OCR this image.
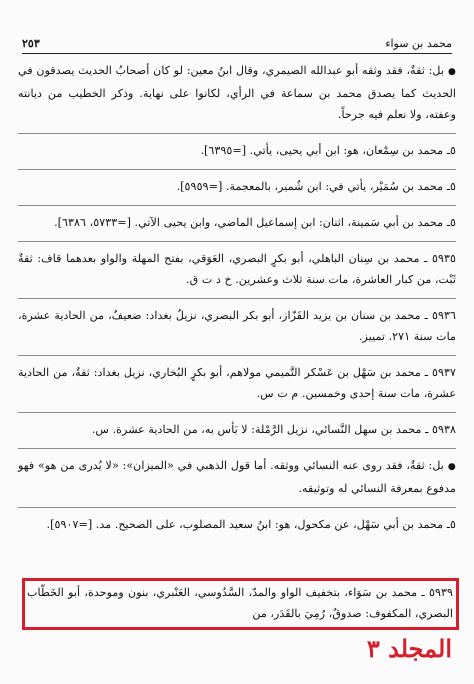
محمد بن سواء
٢٥٣

● بل: ثقةٌ، فقد وثقه أبو عبدالله الصيمري، وقال ابنُ معين: لو كان أصحابُ الحديث يصدقون في الحديث كما يصدق محمد بن سماعة في الرأي، لكانوا على نهاية. وذكر الخطيب من ديانته وعفته، ولا نعلم فيه جرحاً.

٥ـ محمد بن سِمْعان، هو: ابن أبي يحيى، يأتي. [=٦٣٩٥].

٥ـ محمد بن سُمَيْر، يأتي في: ابن شُمير، بالمعجمة. [=٥٩٥٩].

٥ـ محمد بن أبي سَمينة، اثنان: ابن إسماعيل الماضي، وابن يحيى الآتي. [=٥٧٣٣، ٦٣٨٦].

٥٩٣٥ ـ محمد بن سِنان الباهلي، أبو بكرٍ البصري، العَوَقي، بفتح المهلة والواو بعدهما قاف: ثقةٌ ثَبْت، من كبار العاشرة، مات سنة ثلاث وعشرين. خ د ت ق.

٥٩٣٦ ـ محمد بن سنان بن يزيد القَزّاز، أبو بكر البصري، نزيلُ بغداد: ضعيفٌ، من الحادية عشرة، مات سنة ٢٧١. تمييز.

٥٩٣٧ ـ محمد بن سَهْل بن عَسْكر التَّميمي مولاهم، أبو بكرٍ البُخاري، نزيل بغداد: ثقةٌ، من الحادية عشرة، مات سنة إحدى وخمسين. م ت س.

٥٩٣٨ ـ محمد بن سهل النَّسائي، نزيل الرَّمْلة: لا بَأس به، من الحادية عشرة. س.

● بل: ثقةٌ، فقد روى عنه النسائي ووثقه. أما قول الذهبي في «الميزان»: «لا يُدرى من هو» فهو مدفوع بمعرفة النسائي له وتوثيقه.

٥ـ محمد بن أبي سَهْل، عن مكحول، هو: ابنُ سعيد المصلوب، على الصحيح. مد. [=٥٩٠٧].

٥٩٣٩ ـ محمد بن سَوَاء، بتخفيف الواو والمدّ، السَّدُوسي، العَنْبري، بنون وموحدة، أبو الخَطّاب البصري، المكفوف: صدوقٌ، رُمِيَ بالقَدَر، من
المجلد ٣
